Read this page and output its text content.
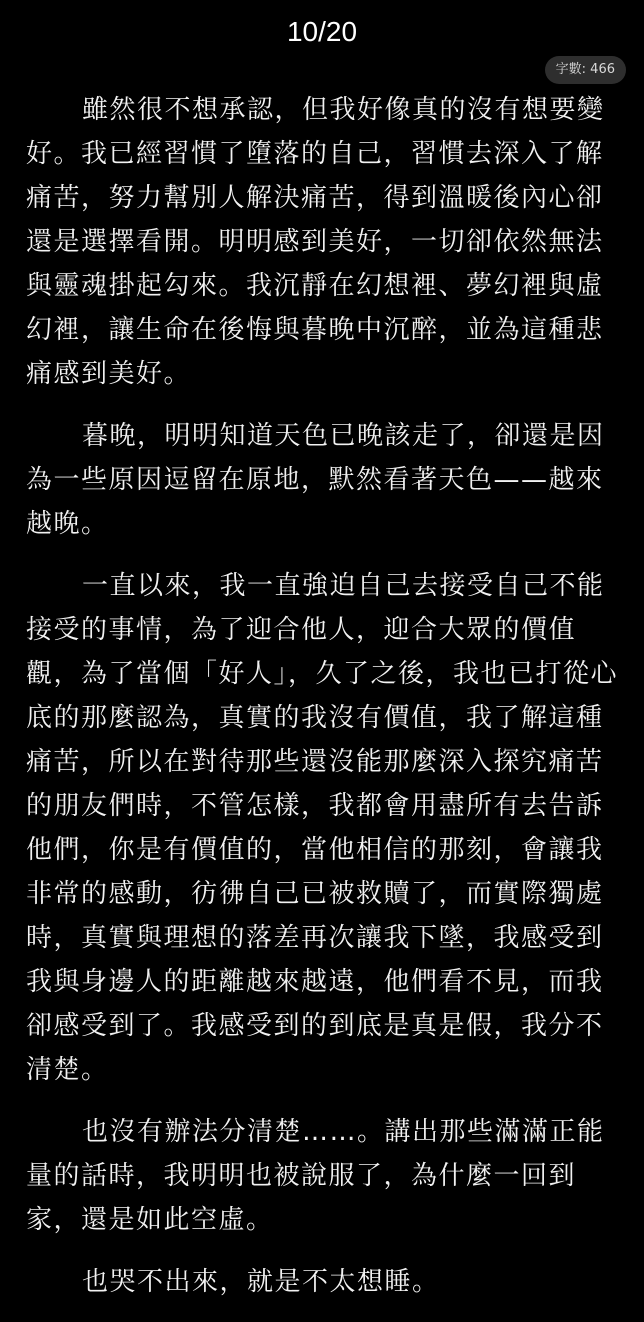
10/20
字數: 466

雖然很不想承認，但我好像真的沒有想要變好。我已經習慣了墮落的自己，習慣去深入了解痛苦，努力幫別人解決痛苦，得到溫暖後內心卻還是選擇看開。明明感到美好，一切卻依然無法與靈魂掛起勾來。我沉靜在幻想裡、夢幻裡與虛幻裡，讓生命在後悔與暮晚中沉醉，並為這種悲痛感到美好。

暮晚，明明知道天色已晚該走了，卻還是因為一些原因逗留在原地，默然看著天色——越來越晚。

一直以來，我一直強迫自己去接受自己不能接受的事情，為了迎合他人，迎合大眾的價值觀，為了當個「好人」，久了之後，我也已打從心底的那麼認為，真實的我沒有價值，我了解這種痛苦，所以在對待那些還沒能那麼深入探究痛苦的朋友們時，不管怎樣，我都會用盡所有去告訴他們，你是有價值的，當他相信的那刻，會讓我非常的感動，彷彿自己已被救贖了，而實際獨處時，真實與理想的落差再次讓我下墜，我感受到我與身邊人的距離越來越遠，他們看不見，而我卻感受到了。我感受到的到底是真是假，我分不清楚。

也沒有辦法分清楚……。講出那些滿滿正能量的話時，我明明也被說服了，為什麼一回到家，還是如此空虛。

也哭不出來，就是不太想睡。
